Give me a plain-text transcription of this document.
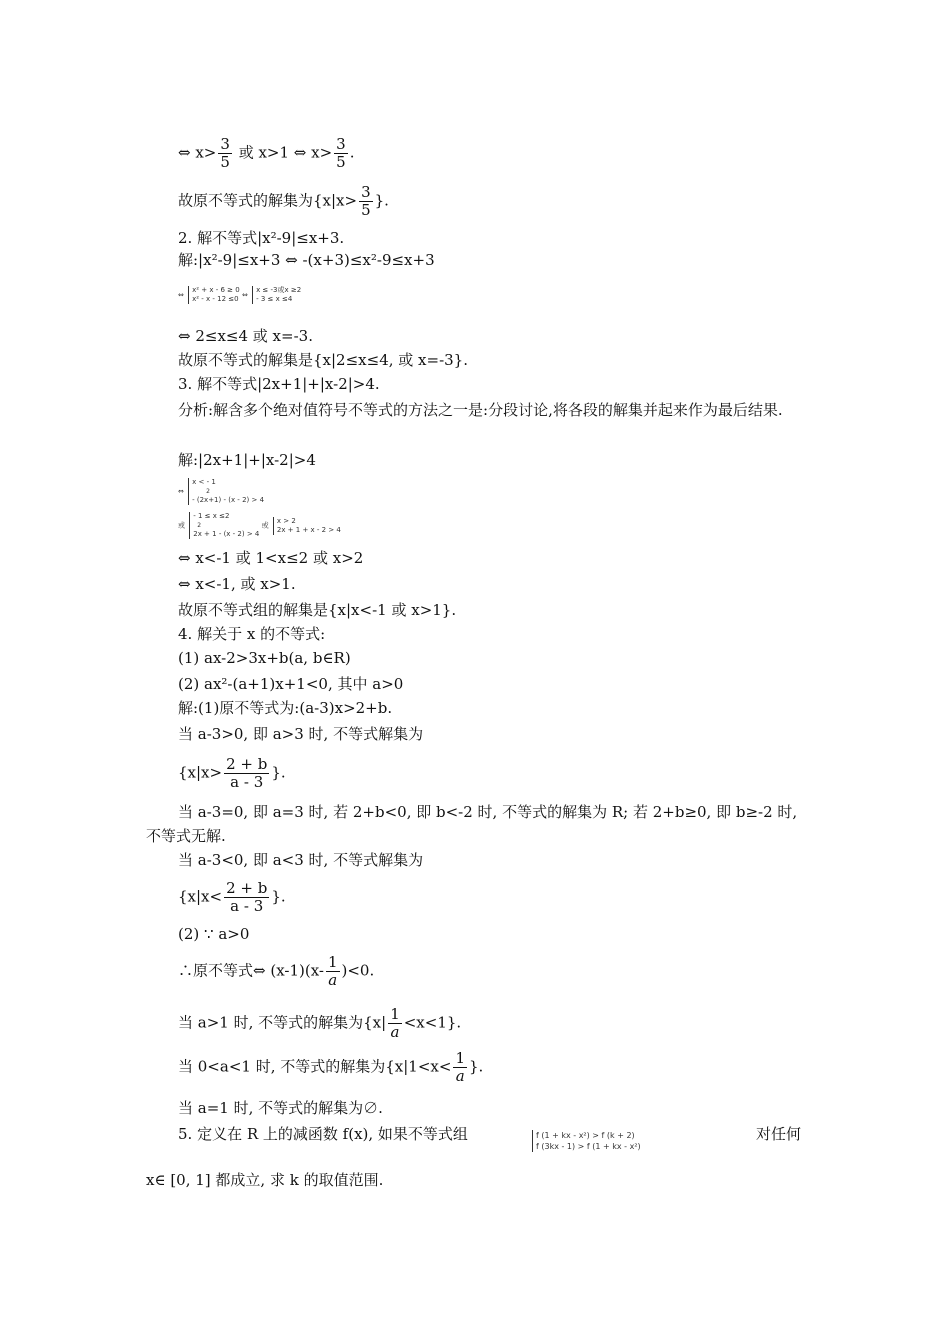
⇔ $x> \frac{3}{5}$ 或 x>1 ⇔ $x> \frac{3}{5}$ .
故原不等式的解集为{$x|x> \frac{3}{5}$ }.
2. 解不等式|x²-9|≤x+3.
解:|x²-9|≤x+3 ⇔ -(x+3)≤x²-9≤x+3
⇔ x² + x - 6 ≥ 0
x² - x - 12 ≤0 ⇔ x ≤ -3或x ≥2
- 3 ≤ x ≤4
⇔ 2≤x≤4 或 x=-3.
故原不等式的解集是{x|2≤x≤4, 或 x=-3}.
3. 解不等式|2x+1|+|x-2|>4.
分析:解含多个绝对值符号不等式的方法之一是:分段讨论,将各段的解集并起来作为最后结果.
解:|2x+1|+|x-2|>4
⇔ x < - 1
2
- (2x+1) - (x - 2) > 4
或 - 1 ≤ x ≤2
2
2x + 1 - (x - 2) > 4 或 x > 2
2x + 1 + x - 2 > 4
⇔ x<-1 或 1<x≤2 或 x>2
⇔ x<-1, 或 x>1.
故原不等式组的解集是{x|x<-1 或 x>1}.
4. 解关于 x 的不等式:
(1) ax-2>3x+b(a, b∈R)
(2) ax²-(a+1)x+1<0, 其中 a>0
解:(1)原不等式为:(a-3)x>2+b.
当 a-3>0, 即 a>3 时, 不等式解集为
{$x|x> \frac{2 + b}{a - 3}$ }.
当 a-3=0, 即 a=3 时, 若 2+b<0, 即 b<-2 时, 不等式的解集为 R; 若 2+b≥0, 即 b≥-2 时, 不等式无解.
当 a-3<0, 即 a<3 时, 不等式解集为
{$x|x< \frac{2 + b}{a - 3}$ }.
(2) ∵ a>0
∴原不等式⇔ $(x-1)(x- \frac{1}{a} )<0$.
当 a>1 时, 不等式的解集为$\{x| \frac{1}{a} <x<1\}$.
当 0<a<1 时, 不等式的解集为{$x|1<x< \frac{1}{a}$ }.
当 a=1 时, 不等式的解集为∅.
5. 定义在 R 上的减函数 f(x), 如果不等式组	f (1 + kx - x²) > f (k + 2)
f (3kx - 1) > f (1 + kx - x²)
对任何
x∈ [0, 1] 都成立, 求 k 的取值范围.
